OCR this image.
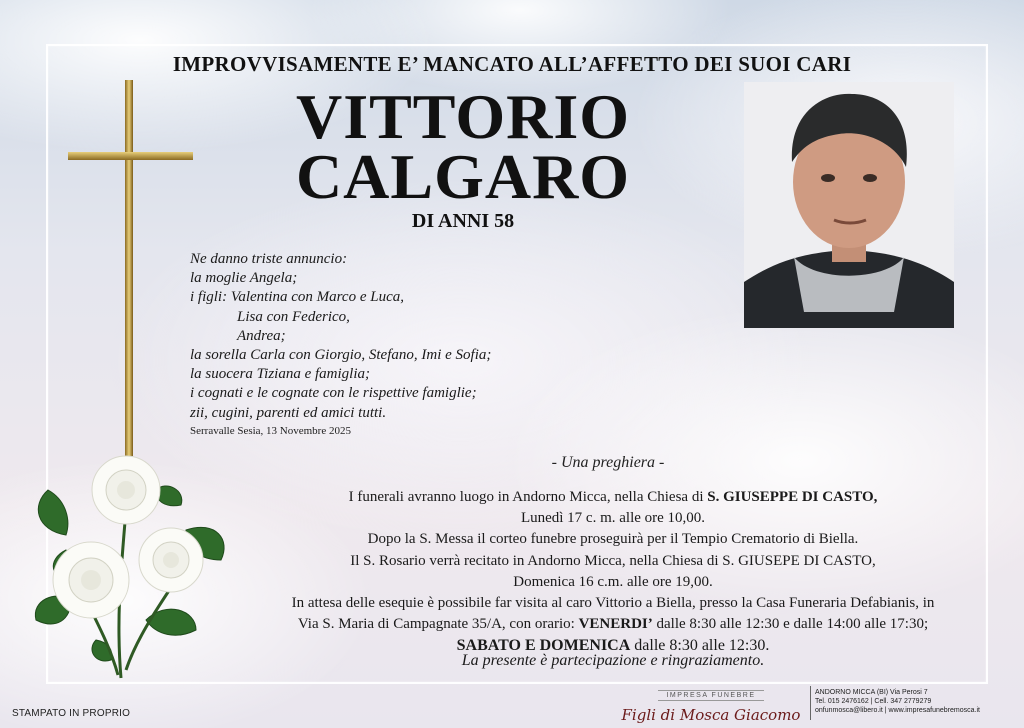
IMPROVVISAMENTE E’ MANCATO ALL’AFFETTO DEI SUOI CARI
VITTORIO
CALGARO
DI ANNI 58
Ne danno triste annuncio:
la moglie Angela;
i figli: Valentina con Marco e Luca,
Lisa con Federico,
Andrea;
la sorella Carla con Giorgio, Stefano, Imi e Sofia;
la suocera Tiziana e famiglia;
i cognati e le cognate con le rispettive famiglie;
zii, cugini, parenti ed amici tutti.
Serravalle Sesia, 13 Novembre 2025
- Una preghiera -
I funerali avranno luogo in Andorno Micca, nella Chiesa di S. GIUSEPPE DI CASTO,
Lunedì 17 c. m. alle ore 10,00.
Dopo la S. Messa il corteo funebre proseguirà per il Tempio Crematorio di Biella.
Il S. Rosario verrà recitato in Andorno Micca, nella Chiesa di S. GIUSEPE DI CASTO,
Domenica 16 c.m. alle ore 19,00.
In attesa delle esequie è possibile far visita al caro Vittorio a Biella, presso la Casa Funeraria Defabianis, in
Via S. Maria di Campagnate 35/A, con orario: VENERDI’ dalle 8:30 alle 12:30 e dalle 14:00 alle 17:30;
SABATO E DOMENICA dalle 8:30 alle 12:30.
La presente è partecipazione e ringraziamento.
STAMPATO IN PROPRIO
IMPRESA FUNEBRE
Figli di Mosca Giacomo
ANDORNO MICCA (BI) Via Perosi 7
Tel. 015 2476162 | Cell. 347 2779279
onfunmosca@libero.it | www.impresafunebremosca.it
